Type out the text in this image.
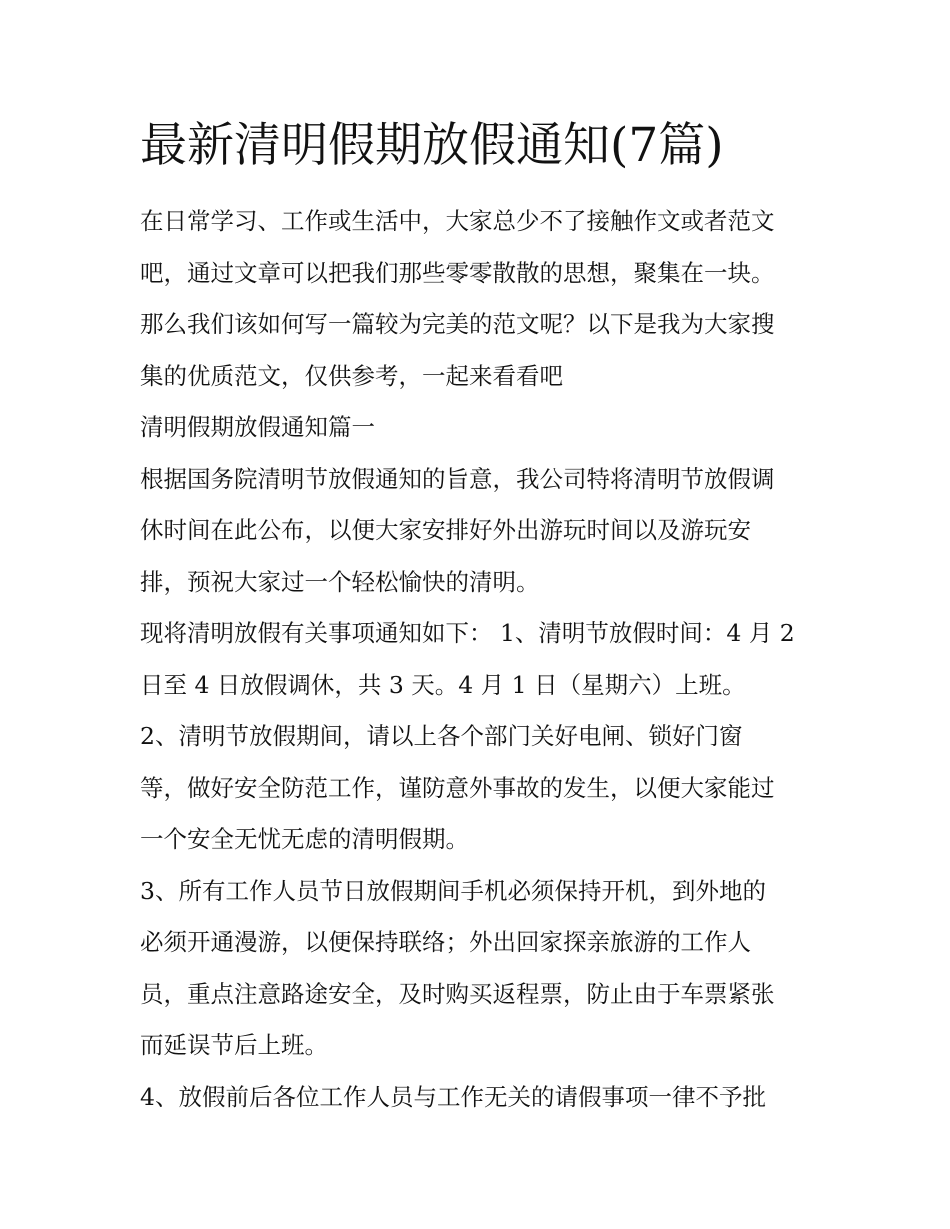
最新清明假期放假通知(7篇)
在日常学习、工作或生活中，大家总少不了接触作文或者范文
吧，通过文章可以把我们那些零零散散的思想，聚集在一块。
那么我们该如何写一篇较为完美的范文呢？以下是我为大家搜
集的优质范文，仅供参考，一起来看看吧
清明假期放假通知篇一
根据国务院清明节放假通知的旨意，我公司特将清明节放假调
休时间在此公布，以便大家安排好外出游玩时间以及游玩安
排，预祝大家过一个轻松愉快的清明。
现将清明放假有关事项通知如下： 1、清明节放假时间：4 月 2
日至 4 日放假调休，共 3 天。4 月 1 日（星期六）上班。
2、清明节放假期间，请以上各个部门关好电闸、锁好门窗
等，做好安全防范工作，谨防意外事故的发生，以便大家能过
一个安全无忧无虑的清明假期。
3、所有工作人员节日放假期间手机必须保持开机，到外地的
必须开通漫游，以便保持联络；外出回家探亲旅游的工作人
员，重点注意路途安全，及时购买返程票，防止由于车票紧张
而延误节后上班。
4、放假前后各位工作人员与工作无关的请假事项一律不予批
